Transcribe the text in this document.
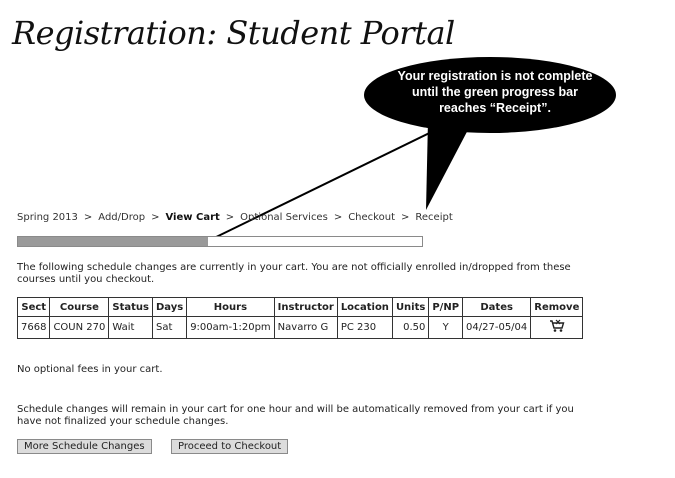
Registration: Student Portal
Your registration is not complete
until the green progress bar
reaches “Receipt”.
Spring 2013 > Add/Drop > View Cart > Optional Services > Checkout > Receipt

The following schedule changes are currently in your cart. You are not officially enrolled in/dropped from these courses until you checkout.

Sect	Course	Status	Days	Hours	Instructor	Location	Units	P/NP	Dates	Remove
7668	COUN 270	Wait	Sat	9:00am-1:20pm	Navarro G	PC 230	0.50	Y	04/27-05/04	

No optional fees in your cart.

Schedule changes will remain in your cart for one hour and will be automatically removed from your cart if you have not finalized your schedule changes.

More Schedule Changes	Proceed to Checkout
